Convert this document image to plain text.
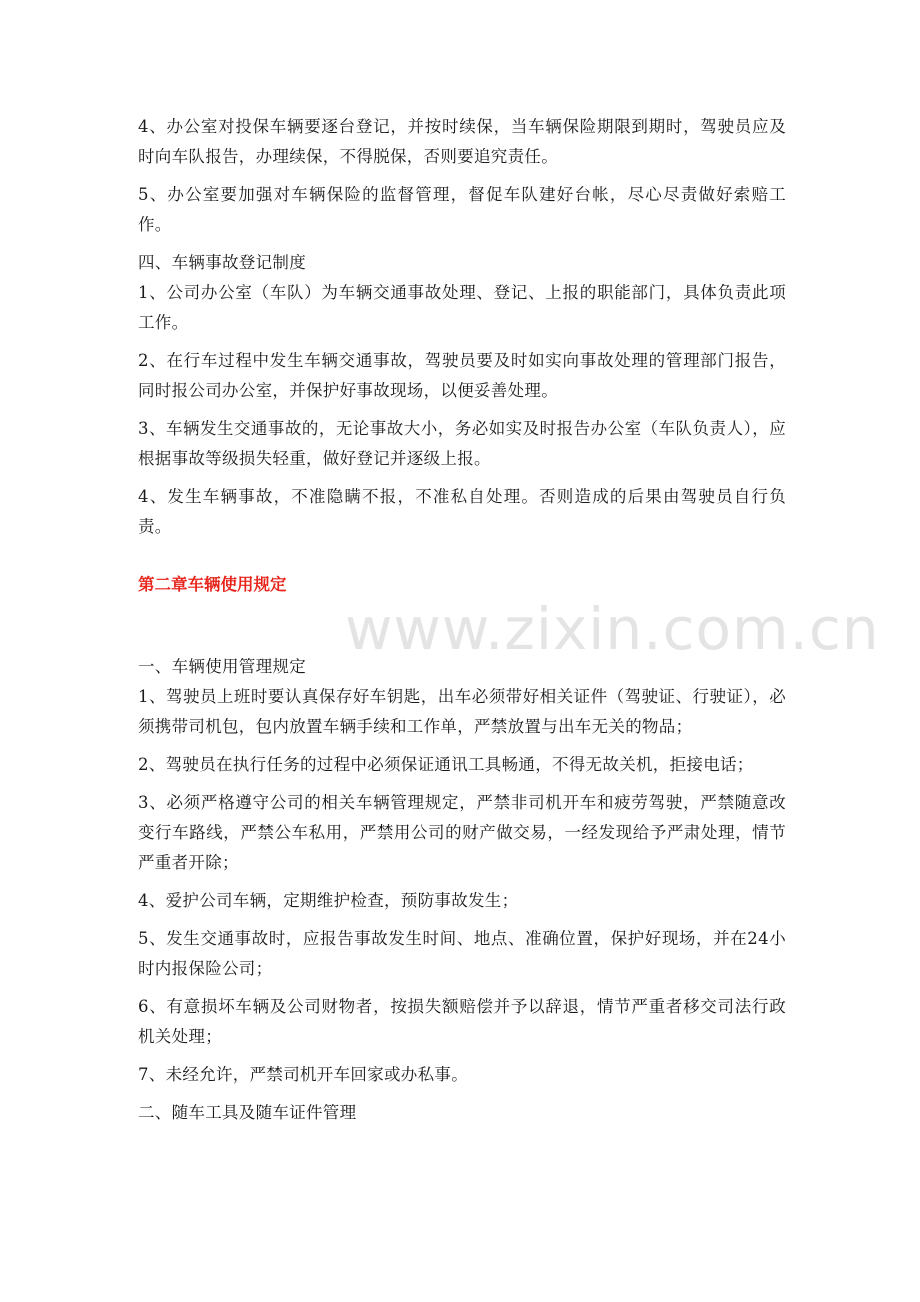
www.zixin.com.cn

4、办公室对投保车辆要逐台登记，并按时续保，当车辆保险期限到期时，驾驶员应及时向车队报告，办理续保，不得脱保，否则要追究责任。

5、办公室要加强对车辆保险的监督管理，督促车队建好台帐，尽心尽责做好索赔工作。

四、车辆事故登记制度

1、公司办公室（车队）为车辆交通事故处理、登记、上报的职能部门，具体负责此项工作。

2、在行车过程中发生车辆交通事故，驾驶员要及时如实向事故处理的管理部门报告，同时报公司办公室，并保护好事故现场，以便妥善处理。

3、车辆发生交通事故的，无论事故大小，务必如实及时报告办公室（车队负责人），应根据事故等级损失轻重，做好登记并逐级上报。

4、发生车辆事故，不准隐瞒不报，不准私自处理。否则造成的后果由驾驶员自行负责。

第二章车辆使用规定

一、车辆使用管理规定

1、驾驶员上班时要认真保存好车钥匙，出车必须带好相关证件（驾驶证、行驶证），必须携带司机包，包内放置车辆手续和工作单，严禁放置与出车无关的物品；

2、驾驶员在执行任务的过程中必须保证通讯工具畅通，不得无故关机，拒接电话；

3、必须严格遵守公司的相关车辆管理规定，严禁非司机开车和疲劳驾驶，严禁随意改变行车路线，严禁公车私用，严禁用公司的财产做交易，一经发现给予严肃处理，情节严重者开除；

4、爱护公司车辆，定期维护检查，预防事故发生；

5、发生交通事故时，应报告事故发生时间、地点、准确位置，保护好现场，并在24小时内报保险公司；

6、有意损坏车辆及公司财物者，按损失额赔偿并予以辞退，情节严重者移交司法行政机关处理；

7、未经允许，严禁司机开车回家或办私事。

二、随车工具及随车证件管理
